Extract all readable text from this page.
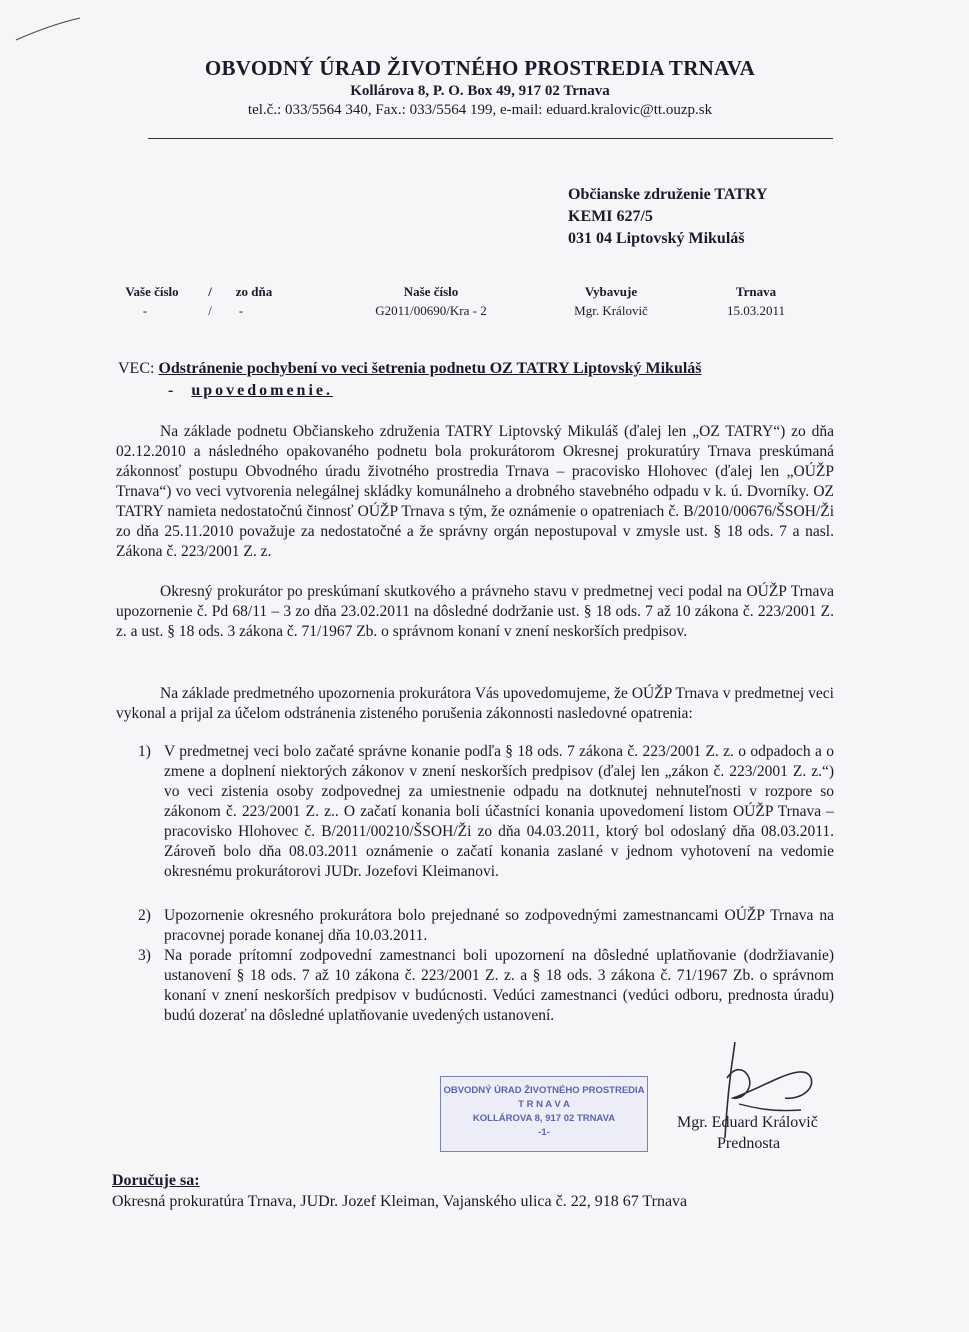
OBVODNÝ ÚRAD ŽIVOTNÉHO PROSTREDIA TRNAVA
Kollárova 8, P. O. Box 49, 917 02 Trnava
tel.č.: 033/5564 340, Fax.: 033/5564 199, e-mail: eduard.kralovic@tt.ouzp.sk
Občianske združenie TATRY
KEMI 627/5
031 04 Liptovský Mikuláš
Vaše číslo
-
/
/
zo dňa
-
Naše číslo
G2011/00690/Kra - 2
Vybavuje
Mgr. Královič
Trnava
15.03.2011
VEC: Odstránenie pochybení vo veci šetrenia podnetu OZ TATRY Liptovský Mikuláš
- upovedomenie.
Na základe podnetu Občianskeho združenia TATRY Liptovský Mikuláš (ďalej len „OZ TATRY“) zo dňa 02.12.2010 a následného opakovaného podnetu bola prokurátorom Okresnej prokuratúry Trnava preskúmaná zákonnosť postupu Obvodného úradu životného prostredia Trnava – pracovisko Hlohovec (ďalej len „OÚŽP Trnava“) vo veci vytvorenia nelegálnej skládky komunálneho a drobného stavebného odpadu v k. ú. Dvorníky. OZ TATRY namieta nedostatočnú činnosť OÚŽP Trnava s tým, že oznámenie o opatreniach č. B/2010/00676/ŠSOH/Ži zo dňa 25.11.2010 považuje za nedostatočné a že správny orgán nepostupoval v zmysle ust. § 18 ods. 7 a nasl. Zákona č. 223/2001 Z. z.
Okresný prokurátor po preskúmaní skutkového a právneho stavu v predmetnej veci podal na OÚŽP Trnava upozornenie č. Pd 68/11 – 3 zo dňa 23.02.2011 na dôsledné dodržanie ust. § 18 ods. 7 až 10 zákona č. 223/2001 Z. z. a ust. § 18 ods. 3 zákona č. 71/1967 Zb. o správnom konaní v znení neskorších predpisov.
Na základe predmetného upozornenia prokurátora Vás upovedomujeme, že OÚŽP Trnava v predmetnej veci vykonal a prijal za účelom odstránenia zisteného porušenia zákonnosti nasledovné opatrenia:
1) V predmetnej veci bolo začaté správne konanie podľa § 18 ods. 7 zákona č. 223/2001 Z. z. o odpadoch a o zmene a doplnení niektorých zákonov v znení neskorších predpisov (ďalej len „zákon č. 223/2001 Z. z.“) vo veci zistenia osoby zodpovednej za umiestnenie odpadu na dotknutej nehnuteľnosti v rozpore so zákonom č. 223/2001 Z. z.. O začatí konania boli účastníci konania upovedomení listom OÚŽP Trnava – pracovisko Hlohovec č. B/2011/00210/ŠSOH/Ži zo dňa 04.03.2011, ktorý bol odoslaný dňa 08.03.2011. Zároveň bolo dňa 08.03.2011 oznámenie o začatí konania zaslané v jednom vyhotovení na vedomie okresnému prokurátorovi JUDr. Jozefovi Kleimanovi.
2) Upozornenie okresného prokurátora bolo prejednané so zodpovednými zamestnancami OÚŽP Trnava na pracovnej porade konanej dňa 10.03.2011.
3) Na porade prítomní zodpovední zamestnanci boli upozornení na dôsledné uplatňovanie (dodržiavanie) ustanovení § 18 ods. 7 až 10 zákona č. 223/2001 Z. z. a § 18 ods. 3 zákona č. 71/1967 Zb. o správnom konaní v znení neskorších predpisov v budúcnosti. Vedúci zamestnanci (vedúci odboru, prednosta úradu) budú dozerať na dôsledné uplatňovanie uvedených ustanovení.
OBVODNÝ ÚRAD ŽIVOTNÉHO PROSTREDIA
T R N A V A
KOLLÁROVA 8, 917 02 TRNAVA
-1-
Mgr. Eduard Královič
Prednosta
Doručuje sa:
Okresná prokuratúra Trnava, JUDr. Jozef Kleiman, Vajanského ulica č. 22, 918 67 Trnava
